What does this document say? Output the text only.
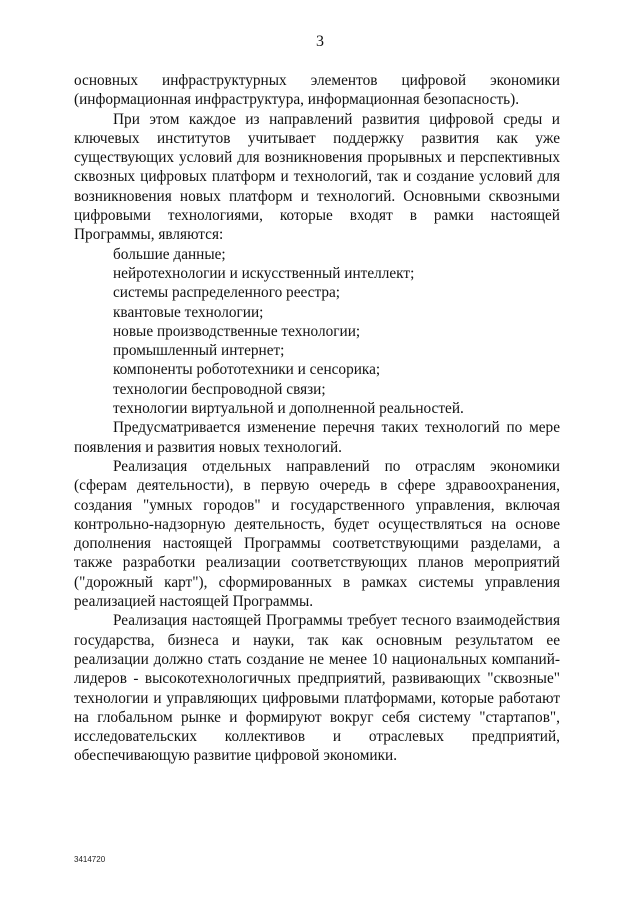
3

основных инфраструктурных элементов цифровой экономики (информационная инфраструктура, информационная безопасность).

При этом каждое из направлений развития цифровой среды и ключевых институтов учитывает поддержку развития как уже существующих условий для возникновения прорывных и перспективных сквозных цифровых платформ и технологий, так и создание условий для возникновения новых платформ и технологий. Основными сквозными цифровыми технологиями, которые входят в рамки настоящей Программы, являются:

большие данные;
нейротехнологии и искусственный интеллект;
системы распределенного реестра;
квантовые технологии;
новые производственные технологии;
промышленный интернет;
компоненты робототехники и сенсорика;
технологии беспроводной связи;
технологии виртуальной и дополненной реальностей.

Предусматривается изменение перечня таких технологий по мере появления и развития новых технологий.

Реализация отдельных направлений по отраслям экономики (сферам деятельности), в первую очередь в сфере здравоохранения, создания "умных городов" и государственного управления, включая контрольно-надзорную деятельность, будет осуществляться на основе дополнения настоящей Программы соответствующими разделами, а также разработки реализации соответствующих планов мероприятий ("дорожный карт"), сформированных в рамках системы управления реализацией настоящей Программы.

Реализация настоящей Программы требует тесного взаимодействия государства, бизнеса и науки, так как основным результатом ее реализации должно стать создание не менее 10 национальных компаний-лидеров - высокотехнологичных предприятий, развивающих "сквозные" технологии и управляющих цифровыми платформами, которые работают на глобальном рынке и формируют вокруг себя систему "стартапов", исследовательских коллективов и отраслевых предприятий, обеспечивающую развитие цифровой экономики.

3414720
